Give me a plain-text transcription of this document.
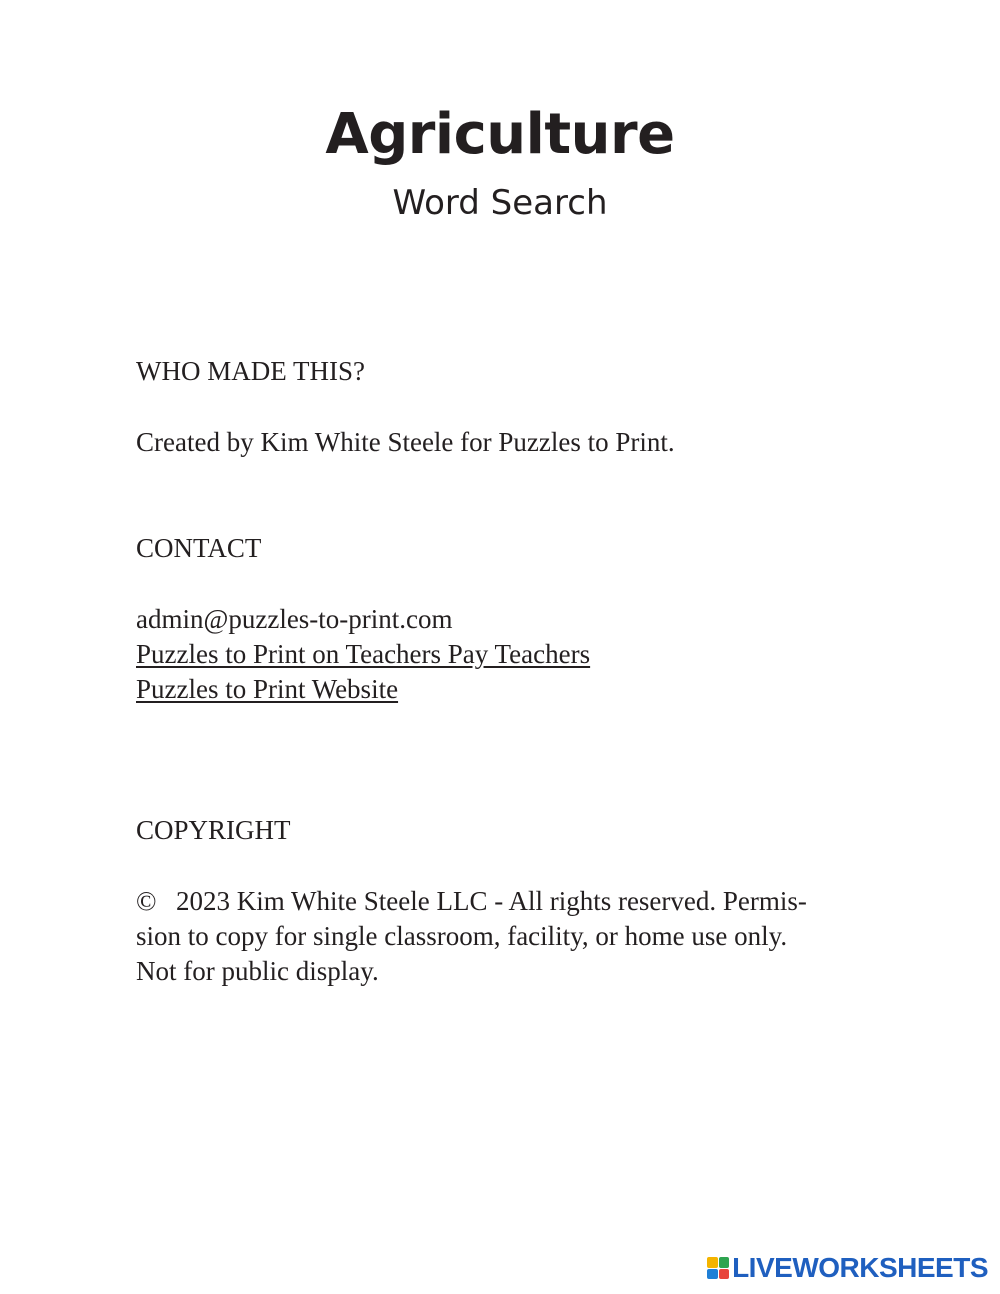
Agriculture
Word Search
WHO MADE THIS?
Created by Kim White Steele for Puzzles to Print.
CONTACT
admin@puzzles-to-print.com
Puzzles to Print on Teachers Pay Teachers
Puzzles to Print Website
COPYRIGHT
© 2023 Kim White Steele LLC - All rights reserved. Permis-
sion to copy for single classroom, facility, or home use only.
Not for public display.
LIVEWORKSHEETS
